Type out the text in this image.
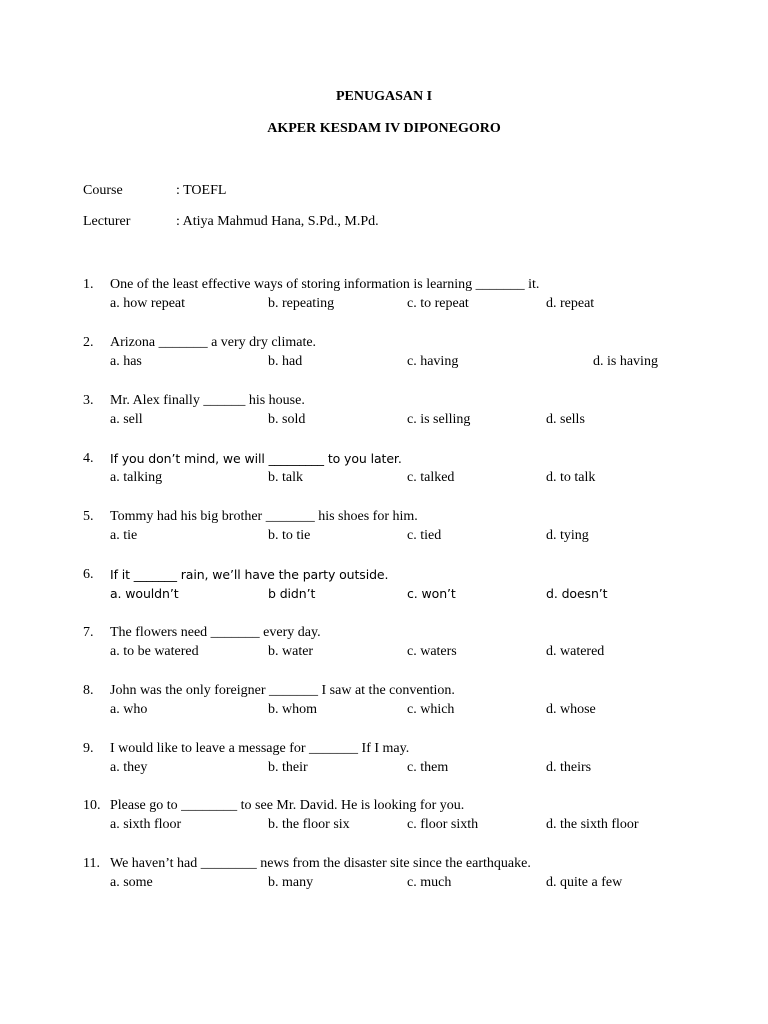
PENUGASAN I
AKPER KESDAM IV DIPONEGORO
Course	: TOEFL
Lecturer	: Atiya Mahmud Hana, S.Pd., M.Pd.
1. One of the least effective ways of storing information is learning _______ it.
a. how repeat	b. repeating	c. to repeat	d. repeat
2. Arizona _______ a very dry climate.
a. has	b. had	c. having	d. is having
3. Mr. Alex finally ______ his house.
a. sell	b. sold	c. is selling	d. sells
4. If you don’t mind, we will _________ to you later.
a. talking	b. talk	c. talked	d. to talk
5. Tommy had his big brother _______ his shoes for him.
a. tie	b. to tie	c. tied	d. tying
6. If it _______ rain, we’ll have the party outside.
a. wouldn’t	b didn’t	c. won’t	d. doesn’t
7. The flowers need _______ every day.
a. to be watered	b. water	c. waters	d. watered
8. John was the only foreigner _______ I saw at the convention.
a. who	b. whom	c. which	d. whose
9. I would like to leave a message for _______ If I may.
a. they	b. their	c. them	d. theirs
10. Please go to ________ to see Mr. David. He is looking for you.
a. sixth floor	b. the floor six	c. floor sixth	d. the sixth floor
11. We haven’t had ________ news from the disaster site since the earthquake.
a. some	b. many	c. much	d. quite a few
